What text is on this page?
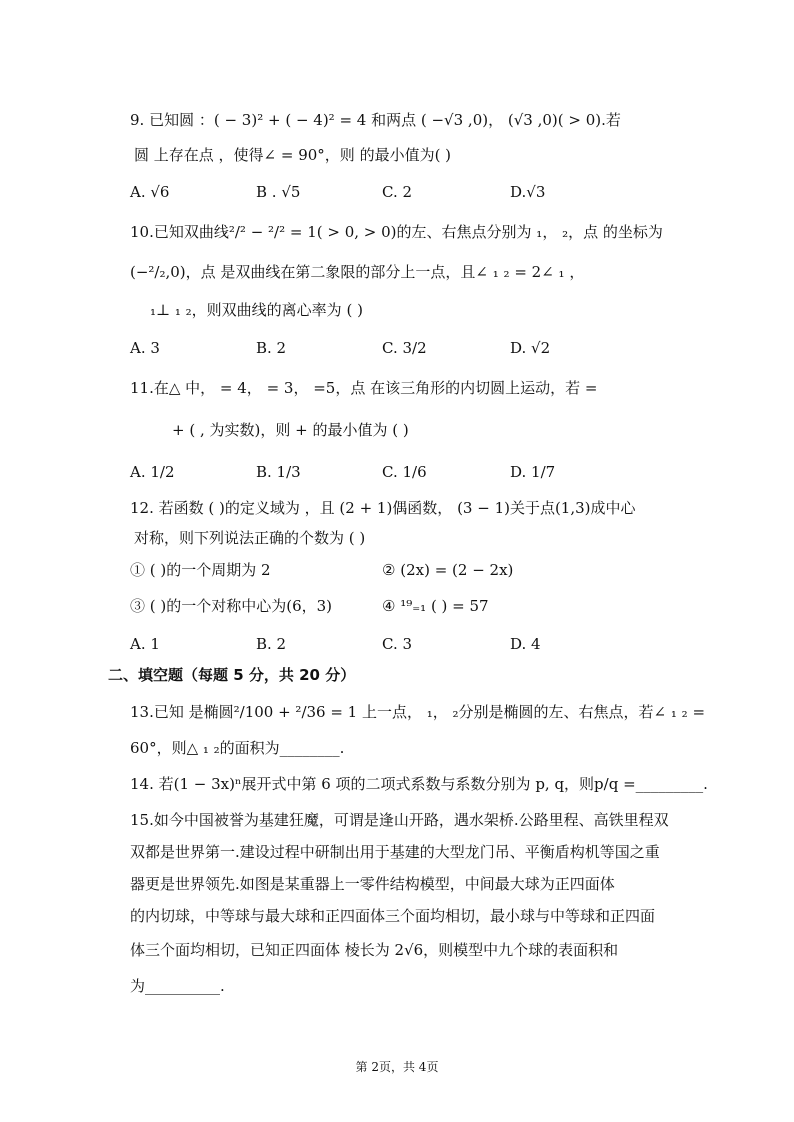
9. 已知圆 ：( − 3)² + ( − 4)² = 4 和两点 ( −√3 ,0)， (√3 ,0)( > 0).若
圆 上存在点 ，使得∠ = 90°，则 的最小值为( )
A. √6	B . √5	C. 2	D.√3
10.已知双曲线²/² − ²/² = 1( > 0, > 0)的左、右焦点分别为 ₁， ₂，点 的坐标为
(−²/₂,0)，点 是双曲线在第二象限的部分上一点，且∠ ₁ ₂ = 2∠ ₁ ，
₁⊥ ₁ ₂，则双曲线的离心率为 ( )
A. 3	B. 2	C. 3/2	D. √2
11.在△ 中， = 4， = 3， =5，点 在该三角形的内切圆上运动，若 =
+ ( , 为实数)，则 + 的最小值为 ( )
A. 1/2	B. 1/3	C. 1/6	D. 1/7
12. 若函数 ( )的定义域为 ，且 (2 + 1)偶函数， (3 − 1)关于点(1,3)成中心
对称，则下列说法正确的个数为 ( )
① ( )的一个周期为 2	② (2x) = (2 − 2x)
③ ( )的一个对称中心为(6，3)	④ ¹⁹₌₁ ( ) = 57
A. 1	B. 2	C. 3	D. 4
二、填空题（每题 5 分，共 20 分）
13.已知 是椭圆²/100 + ²/36 = 1 上一点， ₁， ₂分别是椭圆的左、右焦点，若∠ ₁ ₂ =
60°，则△ ₁ ₂的面积为________.
14. 若(1 − 3x)ⁿ展开式中第 6 项的二项式系数与系数分别为 p, q，则p/q =_________.
15.如今中国被誉为基建狂魔，可谓是逢山开路，遇水架桥.公路里程、高铁里程双
双都是世界第一.建设过程中研制出用于基建的大型龙门吊、平衡盾构机等国之重
器更是世界领先.如图是某重器上一零件结构模型，中间最大球为正四面体
的内切球，中等球与最大球和正四面体三个面均相切，最小球与中等球和正四面
体三个面均相切，已知正四面体 棱长为 2√6，则模型中九个球的表面积和
为__________.
第 2页，共 4页
